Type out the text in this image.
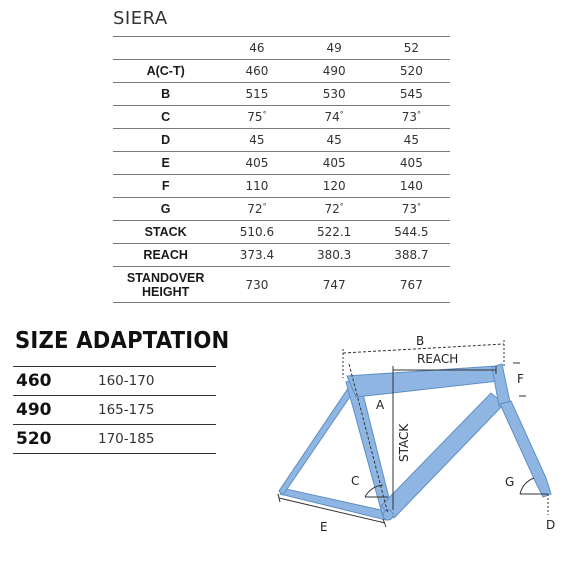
SIERA
	46	49	52
A(C-T)	460	490	520
B	515	530	545
C	75°	74°	73°
D	45	45	45
E	405	405	405
F	110	120	140
G	72°	72°	73°
STACK	510.6	522.1	544.5
REACH	373.4	380.3	388.7
STANDOVER
HEIGHT	730	747	767
SIZE ADAPTATION
460	160-170
490	165-175
520	170-185
B
REACH
F
A
STACK
C	G
E	D
